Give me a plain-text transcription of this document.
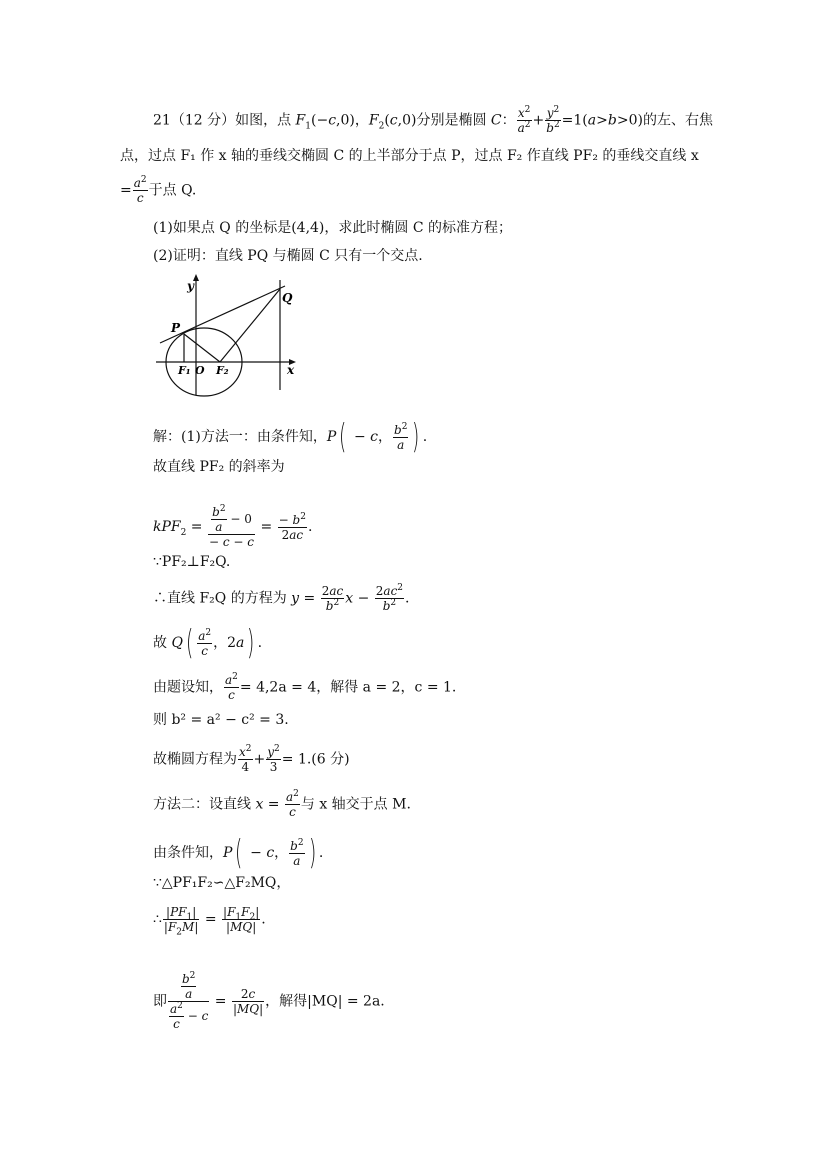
21（12 分）如图，点 $F_1(-c,0)$，$F_2(c,0)$分别是椭圆 C： $\frac{x^2}{a^2} + \frac{y^2}{b^2} =1(a>b>0)$的左、右焦
点，过点 F₁ 作 x 轴的垂线交椭圆 C 的上半部分于点 P，过点 F₂ 作直线 PF₂ 的垂线交直线 x
= $\frac{a^2}{c}$ 于点 Q.
(1)如果点 Q 的坐标是(4,4)，求此时椭圆 C 的标准方程；
(2)证明：直线 PQ 与椭圆 C 只有一个交点.
y
Q
P
F₁ O F₂	x
解：(1)方法一：由条件知，P( − c， $\frac{b^2}{a}$ ) .
故直线 PF₂ 的斜率为
$kPF_2 = \frac{\frac{b^2}{a} - 0}{- c - c} = \frac{- b^2}{2ac}$ .
∵PF₂⊥F₂Q.
∴直线 F₂Q 的方程为 $y = \frac{2ac}{b^2}$ $x - \frac{2ac^2}{b^2}$ .
故 $Q( \frac{a^2}{c}$ ，2a) .
由题设知， $\frac{a^2}{c} = 4,2a = 4$，解得 a = 2，c = 1.
则 b² = a² − c² = 3.
故椭圆方程为 $\frac{x^2}{4} + \frac{y^2}{3} = 1.(6$ 分)
方法二：设直线 $x = \frac{a^2}{c}$ 与 x 轴交于点 M.
由条件知，P( − c， $\frac{b^2}{a}$ ) .
∵△PF₁F₂∽△F₂MQ，
∴ $\frac{|PF_1|}{|F_2M|} = \frac{|F_1F_2|}{|MQ|}$ .
即 $\frac{\frac{b^2}{a}}{\frac{a^2}{c} - c} = \frac{2c}{|MQ|}$ ，解得|MQ| = 2a.
